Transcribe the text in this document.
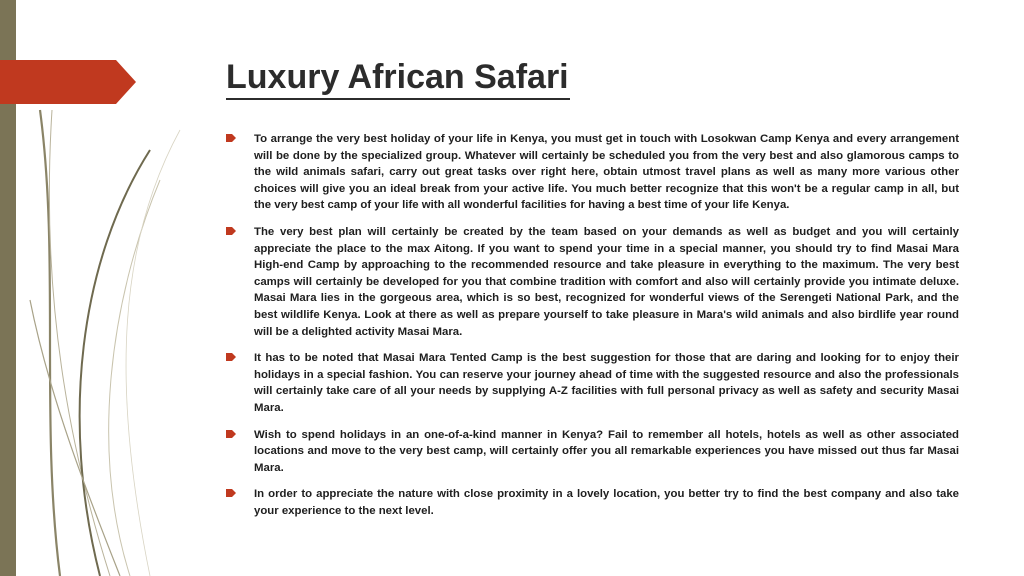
Luxury African Safari
To arrange the very best holiday of your life in Kenya, you must get in touch with Losokwan Camp Kenya and every arrangement will be done by the specialized group. Whatever will certainly be scheduled you from the very best and also glamorous camps to the wild animals safari, carry out great tasks over right here, obtain utmost travel plans as well as many more various other choices will give you an ideal break from your active life. You much better recognize that this won't be a regular camp in all, but the very best camp of your life with all wonderful facilities for having a best time of your life Kenya.
The very best plan will certainly be created by the team based on your demands as well as budget and you will certainly appreciate the place to the max Aitong. If you want to spend your time in a special manner, you should try to find Masai Mara High-end Camp by approaching to the recommended resource and take pleasure in everything to the maximum. The very best camps will certainly be developed for you that combine tradition with comfort and also will certainly provide you intimate deluxe. Masai Mara lies in the gorgeous area, which is so best, recognized for wonderful views of the Serengeti National Park, and the best wildlife Kenya. Look at there as well as prepare yourself to take pleasure in Mara's wild animals and also birdlife year round will be a delighted activity Masai Mara.
It has to be noted that Masai Mara Tented Camp is the best suggestion for those that are daring and looking for to enjoy their holidays in a special fashion. You can reserve your journey ahead of time with the suggested resource and also the professionals will certainly take care of all your needs by supplying A-Z facilities with full personal privacy as well as safety and security Masai Mara.
Wish to spend holidays in an one-of-a-kind manner in Kenya? Fail to remember all hotels, hotels as well as other associated locations and move to the very best camp, will certainly offer you all remarkable experiences you have missed out thus far Masai Mara.
In order to appreciate the nature with close proximity in a lovely location, you better try to find the best company and also take your experience to the next level.
